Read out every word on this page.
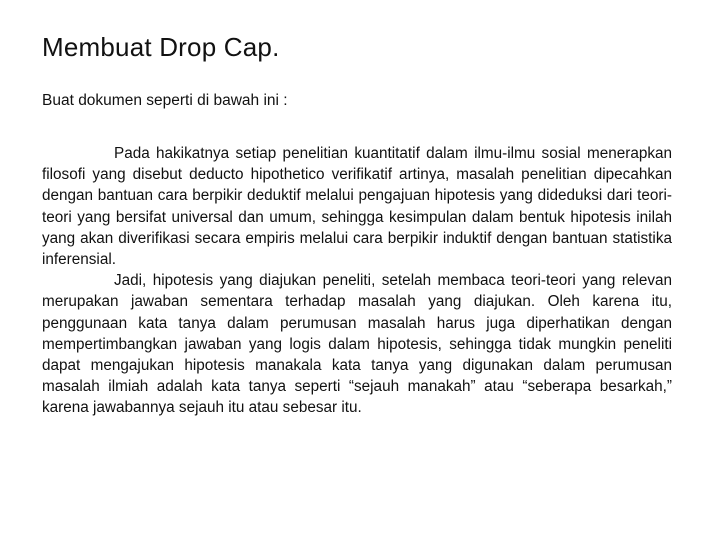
Membuat Drop Cap.
Buat dokumen seperti di bawah ini :

Pada hakikatnya setiap penelitian kuantitatif dalam ilmu-ilmu sosial menerapkan filosofi yang disebut deducto hipothetico verifikatif artinya, masalah penelitian dipecahkan dengan bantuan cara berpikir deduktif melalui pengajuan hipotesis yang dideduksi dari teori-teori yang bersifat universal dan umum, sehingga kesimpulan dalam bentuk hipotesis inilah yang akan diverifikasi secara empiris melalui cara berpikir induktif dengan bantuan statistika inferensial.

Jadi, hipotesis yang diajukan peneliti, setelah membaca teori-teori yang relevan merupakan jawaban sementara terhadap masalah yang diajukan. Oleh karena itu, penggunaan kata tanya dalam perumusan masalah harus juga diperhatikan dengan mempertimbangkan jawaban yang logis dalam hipotesis, sehingga tidak mungkin peneliti dapat mengajukan hipotesis manakala kata tanya yang digunakan dalam perumusan masalah ilmiah adalah kata tanya seperti “sejauh manakah” atau “seberapa besarkah,” karena jawabannya sejauh itu atau sebesar itu.
